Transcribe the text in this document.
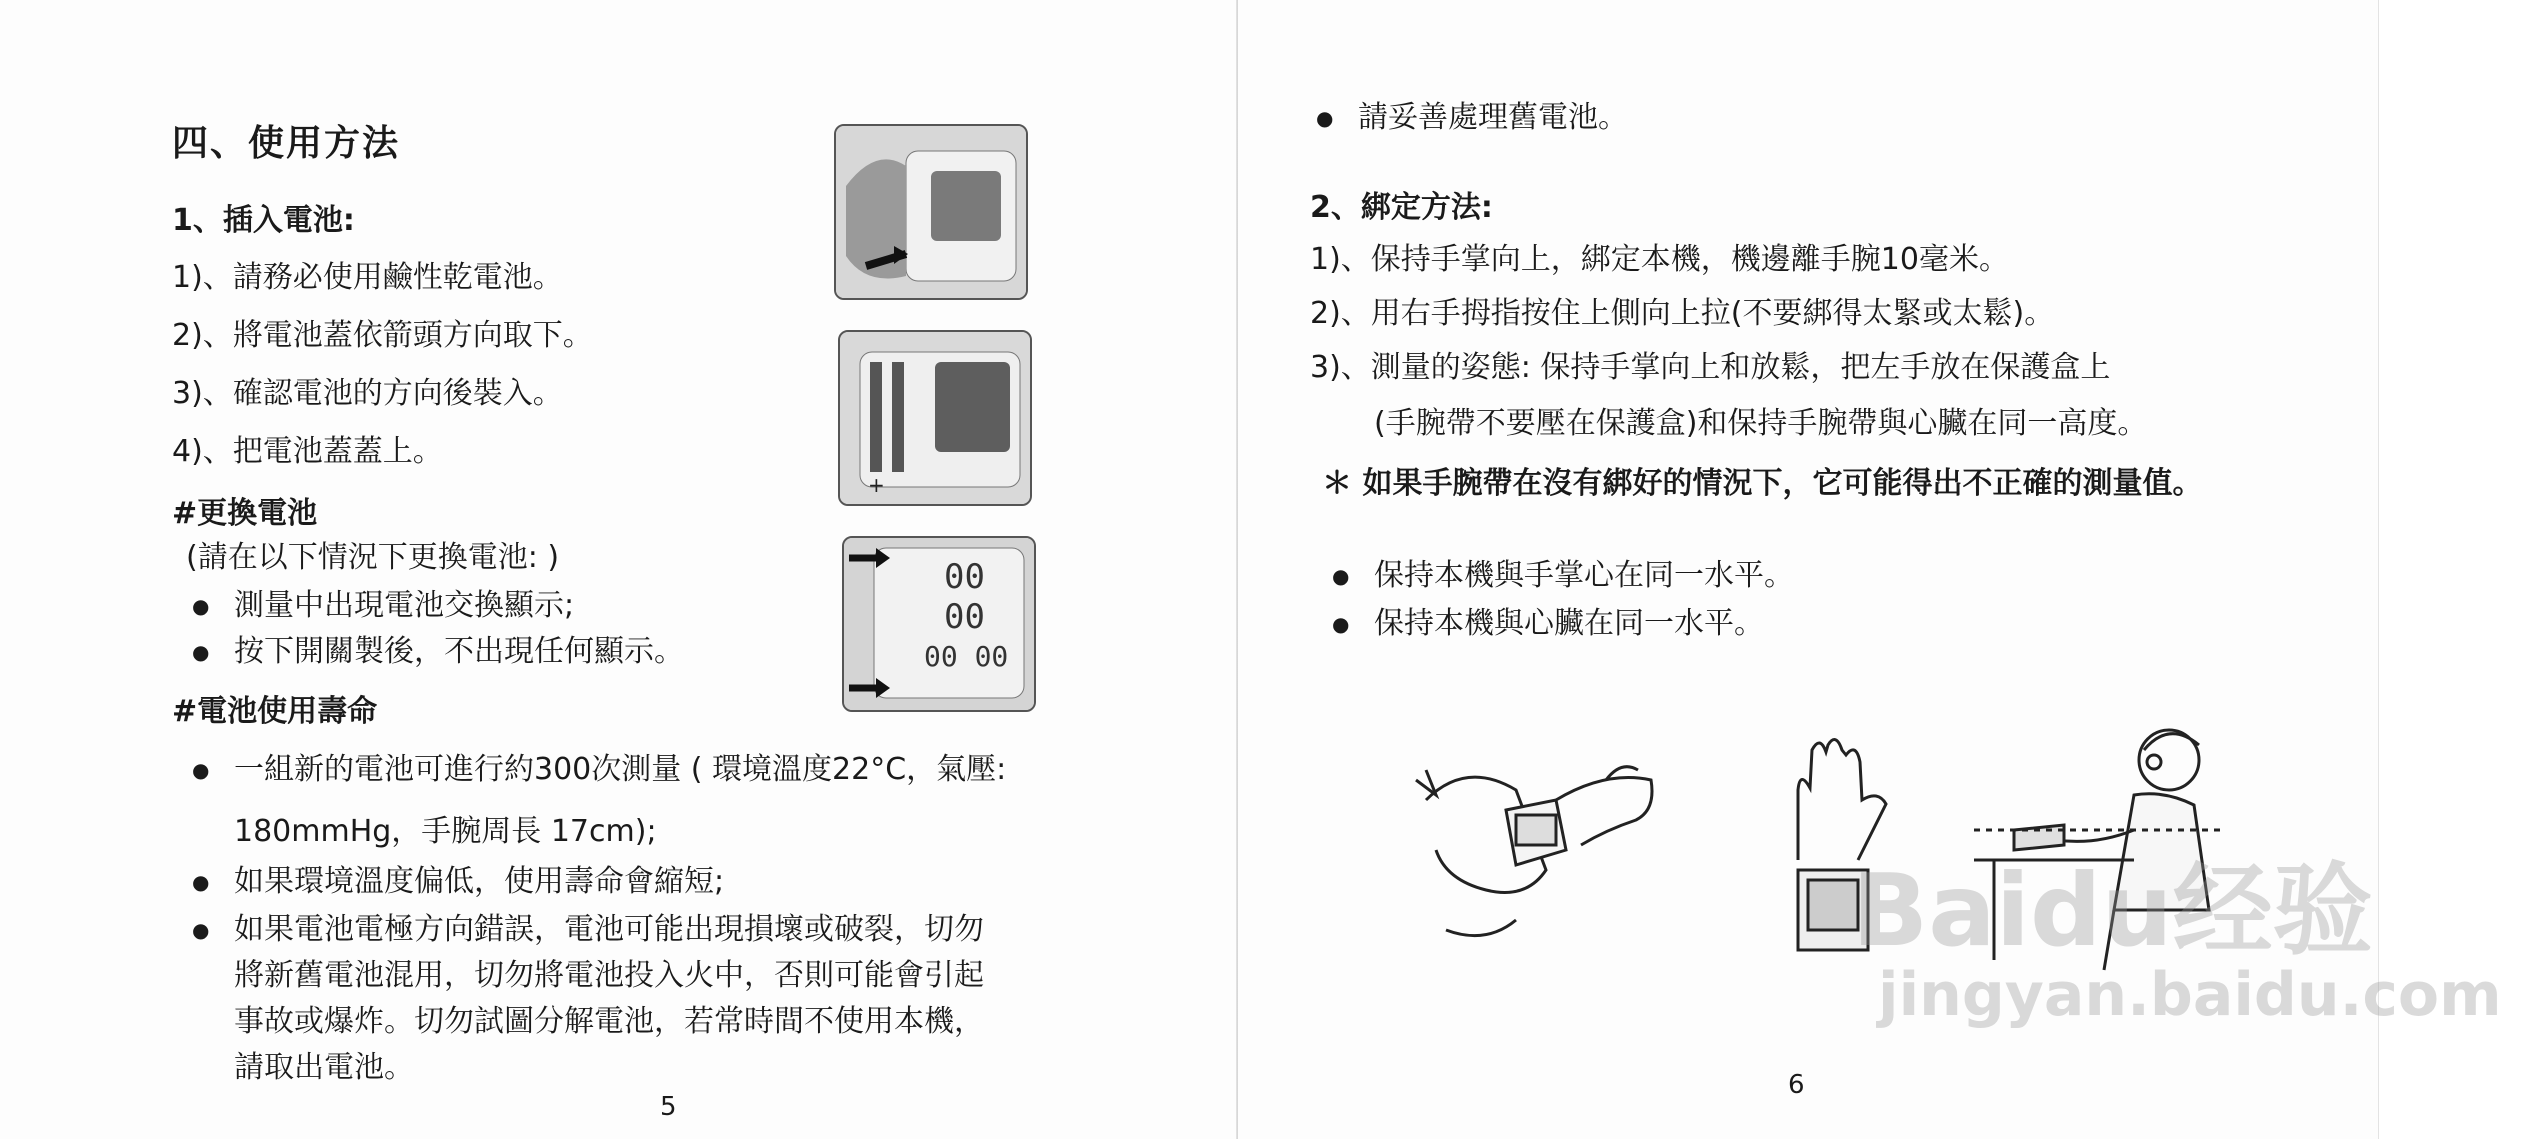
四、使用方法
1、插入電池:
1)、請務必使用鹼性乾電池。
2)、將電池蓋依箭頭方向取下。
3)、確認電池的方向後裝入。
4)、把電池蓋蓋上。
#更換電池
(請在以下情況下更換電池: )
● 測量中出現電池交換顯示;
● 按下開關製後，不出現任何顯示。
#電池使用壽命
● 一組新的電池可進行約300次測量 ( 環境溫度22°C，氣壓:
180mmHg，手腕周長 17cm);
● 如果環境溫度偏低，使用壽命會縮短;
● 如果電池電極方向錯誤，電池可能出現損壞或破裂，切勿
將新舊電池混用，切勿將電池投入火中，否則可能會引起
事故或爆炸。切勿試圖分解電池，若常時間不使用本機，
請取出電池。
5
+
00
00
00 00
● 請妥善處理舊電池。
2、綁定方法:
1)、保持手掌向上，綁定本機，機邊離手腕10毫米。
2)、用右手拇指按住上側向上拉(不要綁得太緊或太鬆)。
3)、測量的姿態: 保持手掌向上和放鬆，把左手放在保護盒上
(手腕帶不要壓在保護盒)和保持手腕帶與心臟在同一高度。
＊ 如果手腕帶在沒有綁好的情況下，它可能得出不正確的測量值。
● 保持本機與手掌心在同一水平。
● 保持本機與心臟在同一水平。
6
Baidu经验
jingyan.baidu.com
